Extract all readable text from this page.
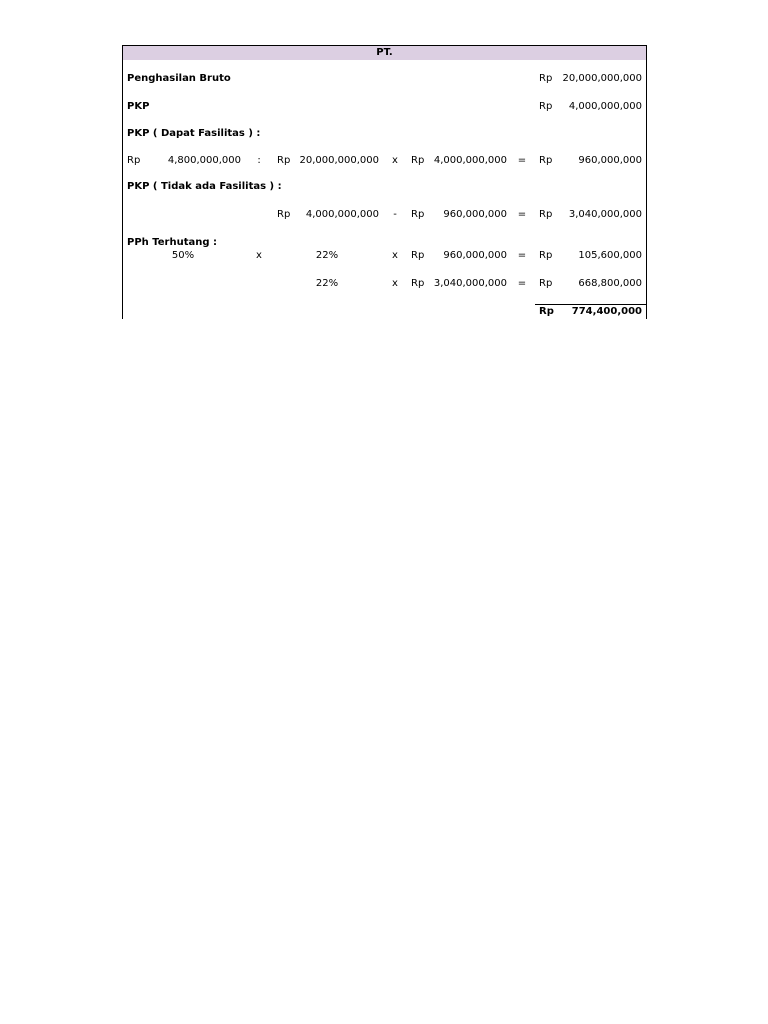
PT.
Penghasilan Bruto	Rp	20,000,000,000
PKP	Rp	4,000,000,000
PKP ( Dapat Fasilitas ) :
Rp	4,800,000,000	:	Rp 20,000,000,000	x	Rp 4,000,000,000 = Rp	960,000,000
PKP ( Tidak ada Fasilitas ) :
Rp	4,000,000,000	-	Rp	960,000,000 = Rp	3,040,000,000
PPh Terhutang :
50%	x	22%	x	Rp	960,000,000 = Rp	105,600,000
22%	x	Rp 3,040,000,000 = Rp	668,800,000
Rp	774,400,000
